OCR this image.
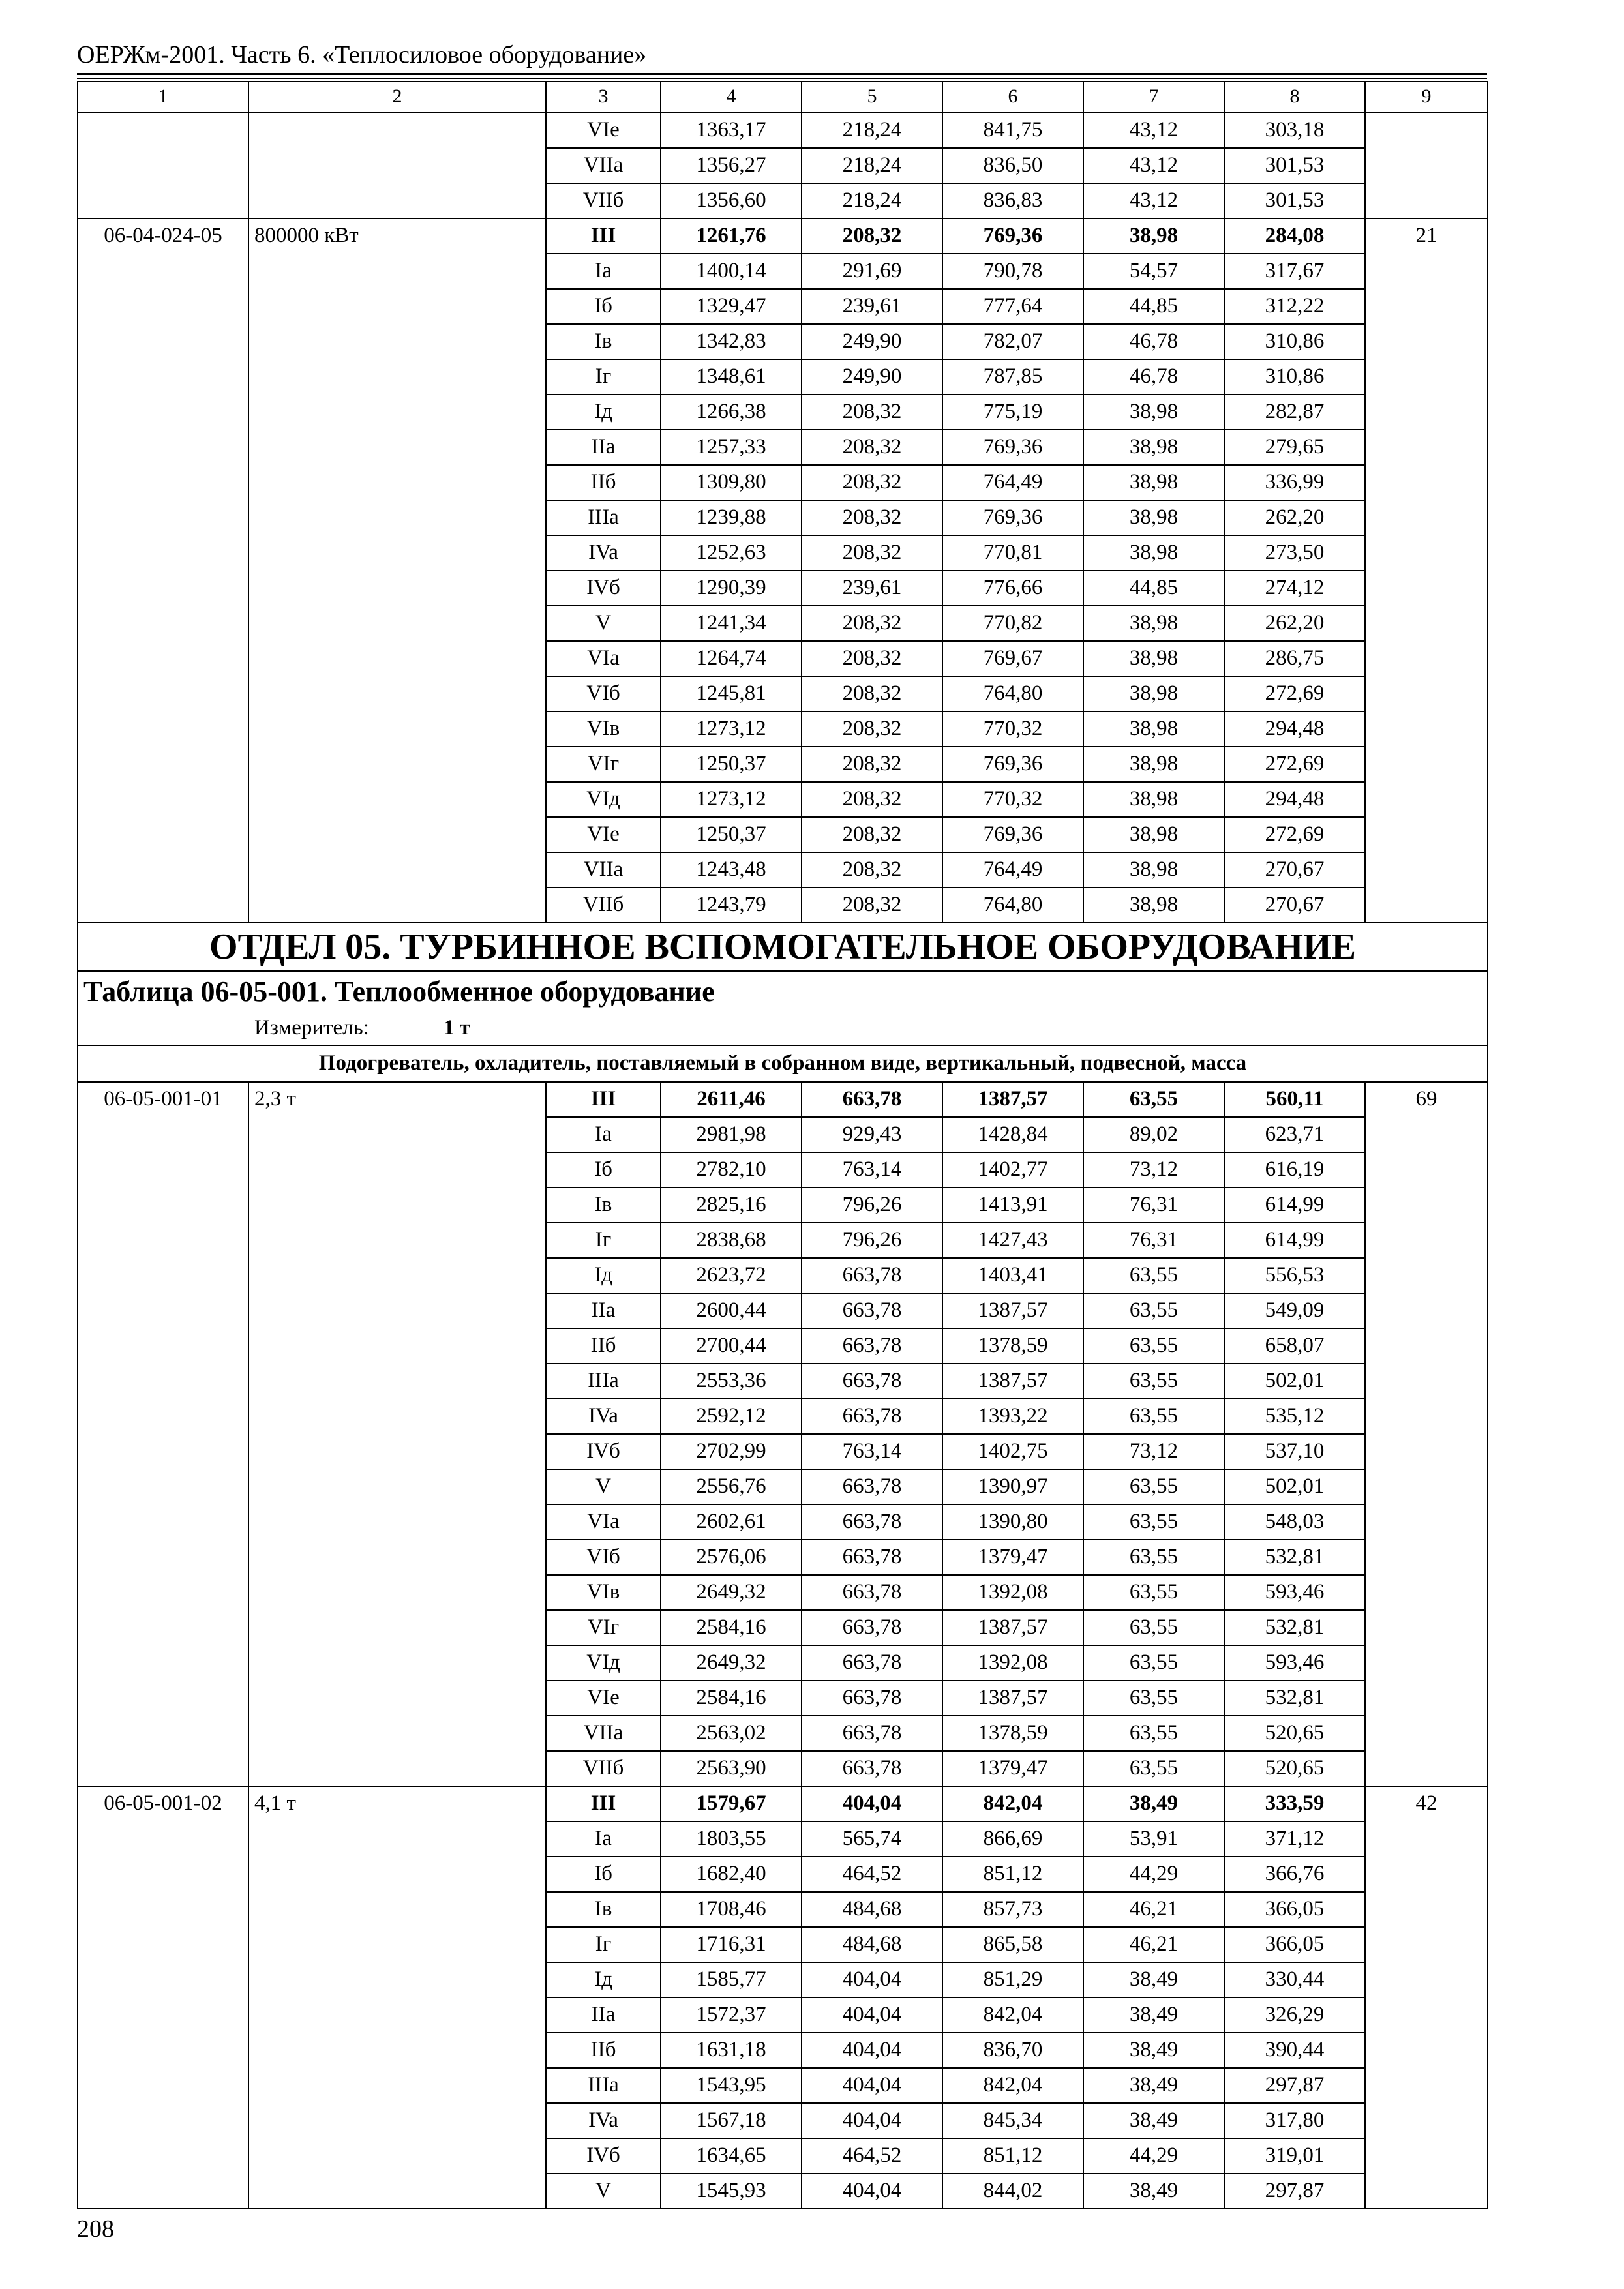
ОЕРЖм-2001. Часть 6. «Теплосиловое оборудование»
1	2	3	4	5	6	7	8	9
		VIe	1363,17	218,24	841,75	43,12	303,18	
		VIIa	1356,27	218,24	836,50	43,12	301,53	
		VIIб	1356,60	218,24	836,83	43,12	301,53	
06-04-024-05	800000 кВт	III	1261,76	208,32	769,36	38,98	284,08	21
		Ia	1400,14	291,69	790,78	54,57	317,67	
		Iб	1329,47	239,61	777,64	44,85	312,22	
		Iв	1342,83	249,90	782,07	46,78	310,86	
		Iг	1348,61	249,90	787,85	46,78	310,86	
		Iд	1266,38	208,32	775,19	38,98	282,87	
		IIa	1257,33	208,32	769,36	38,98	279,65	
		IIб	1309,80	208,32	764,49	38,98	336,99	
		IIIa	1239,88	208,32	769,36	38,98	262,20	
		IVa	1252,63	208,32	770,81	38,98	273,50	
		IVб	1290,39	239,61	776,66	44,85	274,12	
		V	1241,34	208,32	770,82	38,98	262,20	
		VIa	1264,74	208,32	769,67	38,98	286,75	
		VIб	1245,81	208,32	764,80	38,98	272,69	
		VIв	1273,12	208,32	770,32	38,98	294,48	
		VIг	1250,37	208,32	769,36	38,98	272,69	
		VIд	1273,12	208,32	770,32	38,98	294,48	
		VIe	1250,37	208,32	769,36	38,98	272,69	
		VIIa	1243,48	208,32	764,49	38,98	270,67	
		VIIб	1243,79	208,32	764,80	38,98	270,67	
ОТДЕЛ 05. ТУРБИННОЕ ВСПОМОГАТЕЛЬНОЕ ОБОРУДОВАНИЕ								
Таблица 06-05-001. Теплообменное оборудование								
Измеритель: 1 т								
Подогреватель, охладитель, поставляемый в собранном виде, вертикальный, подвесной, масса								
06-05-001-01	2,3 т	III	2611,46	663,78	1387,57	63,55	560,11	69
		Ia	2981,98	929,43	1428,84	89,02	623,71	
		Iб	2782,10	763,14	1402,77	73,12	616,19	
		Iв	2825,16	796,26	1413,91	76,31	614,99	
		Iг	2838,68	796,26	1427,43	76,31	614,99	
		Iд	2623,72	663,78	1403,41	63,55	556,53	
		IIa	2600,44	663,78	1387,57	63,55	549,09	
		IIб	2700,44	663,78	1378,59	63,55	658,07	
		IIIa	2553,36	663,78	1387,57	63,55	502,01	
		IVa	2592,12	663,78	1393,22	63,55	535,12	
		IVб	2702,99	763,14	1402,75	73,12	537,10	
		V	2556,76	663,78	1390,97	63,55	502,01	
		VIa	2602,61	663,78	1390,80	63,55	548,03	
		VIб	2576,06	663,78	1379,47	63,55	532,81	
		VIв	2649,32	663,78	1392,08	63,55	593,46	
		VIг	2584,16	663,78	1387,57	63,55	532,81	
		VIд	2649,32	663,78	1392,08	63,55	593,46	
		VIe	2584,16	663,78	1387,57	63,55	532,81	
		VIIa	2563,02	663,78	1378,59	63,55	520,65	
		VIIб	2563,90	663,78	1379,47	63,55	520,65	
06-05-001-02	4,1 т	III	1579,67	404,04	842,04	38,49	333,59	42
		Ia	1803,55	565,74	866,69	53,91	371,12	
		Iб	1682,40	464,52	851,12	44,29	366,76	
		Iв	1708,46	484,68	857,73	46,21	366,05	
		Iг	1716,31	484,68	865,58	46,21	366,05	
		Iд	1585,77	404,04	851,29	38,49	330,44	
		IIa	1572,37	404,04	842,04	38,49	326,29	
		IIб	1631,18	404,04	836,70	38,49	390,44	
		IIIa	1543,95	404,04	842,04	38,49	297,87	
		IVa	1567,18	404,04	845,34	38,49	317,80	
		IVб	1634,65	464,52	851,12	44,29	319,01	
		V	1545,93	404,04	844,02	38,49	297,87	
208
